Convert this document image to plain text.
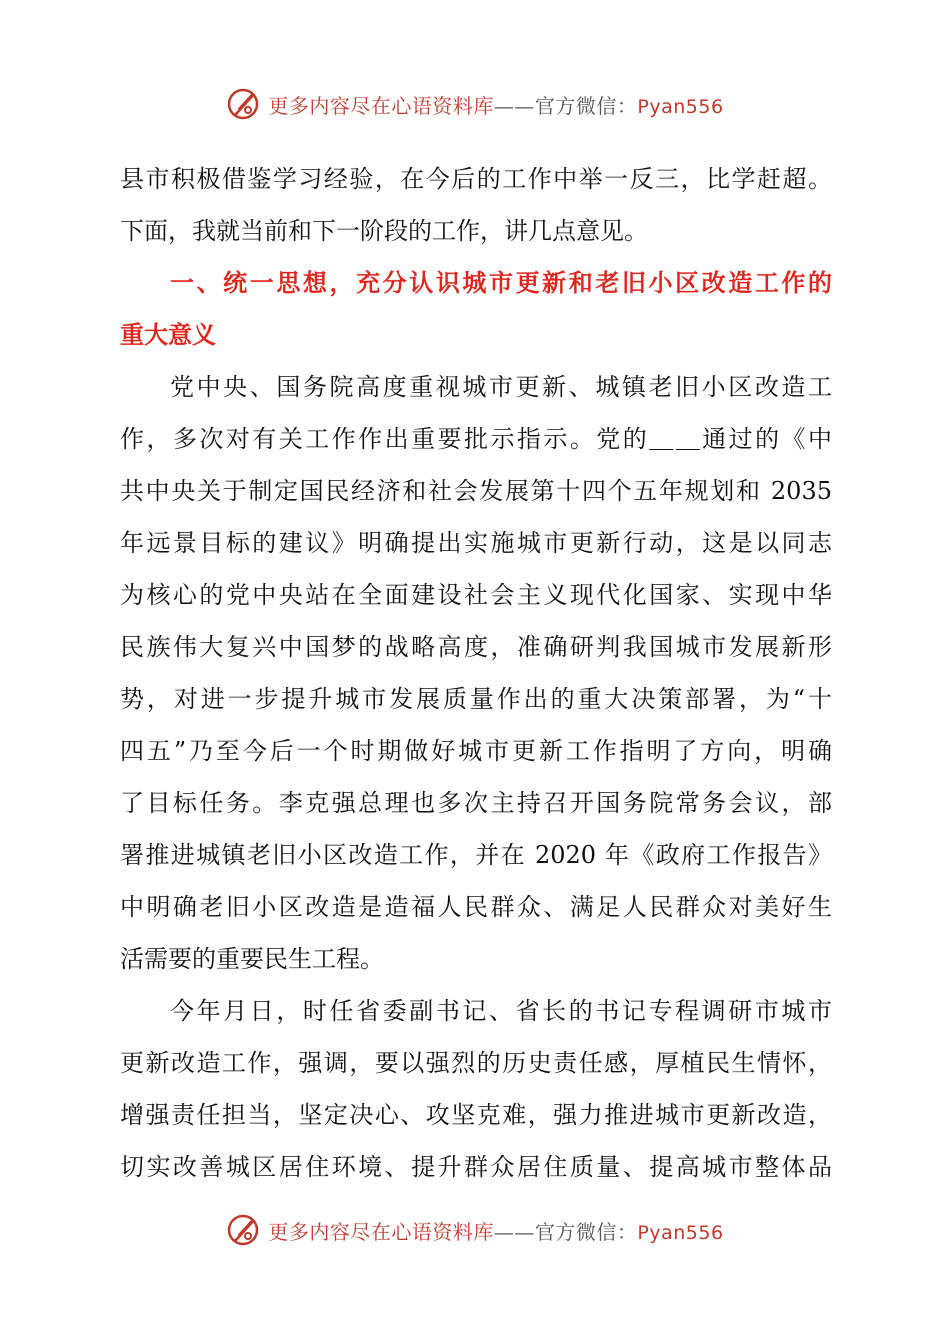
更多内容尽在心语资料库——官方微信：Pyan556
县市积极借鉴学习经验，在今后的工作中举一反三，比学赶超。
下面，我就当前和下一阶段的工作，讲几点意见。
一、统一思想，充分认识城市更新和老旧小区改造工作的
重大意义
党中央、国务院高度重视城市更新、城镇老旧小区改造工
作，多次对有关工作作出重要批示指示。党的＿＿通过的《中
共中央关于制定国民经济和社会发展第十四个五年规划和 2035
年远景目标的建议》明确提出实施城市更新行动，这是以同志
为核心的党中央站在全面建设社会主义现代化国家、实现中华
民族伟大复兴中国梦的战略高度，准确研判我国城市发展新形
势，对进一步提升城市发展质量作出的重大决策部署，为“十
四五”乃至今后一个时期做好城市更新工作指明了方向，明确
了目标任务。李克强总理也多次主持召开国务院常务会议，部
署推进城镇老旧小区改造工作，并在 2020 年《政府工作报告》
中明确老旧小区改造是造福人民群众、满足人民群众对美好生
活需要的重要民生工程。
今年月日，时任省委副书记、省长的书记专程调研市城市
更新改造工作，强调，要以强烈的历史责任感，厚植民生情怀，
增强责任担当，坚定决心、攻坚克难，强力推进城市更新改造，
切实改善城区居住环境、提升群众居住质量、提高城市整体品
更多内容尽在心语资料库——官方微信：Pyan556
